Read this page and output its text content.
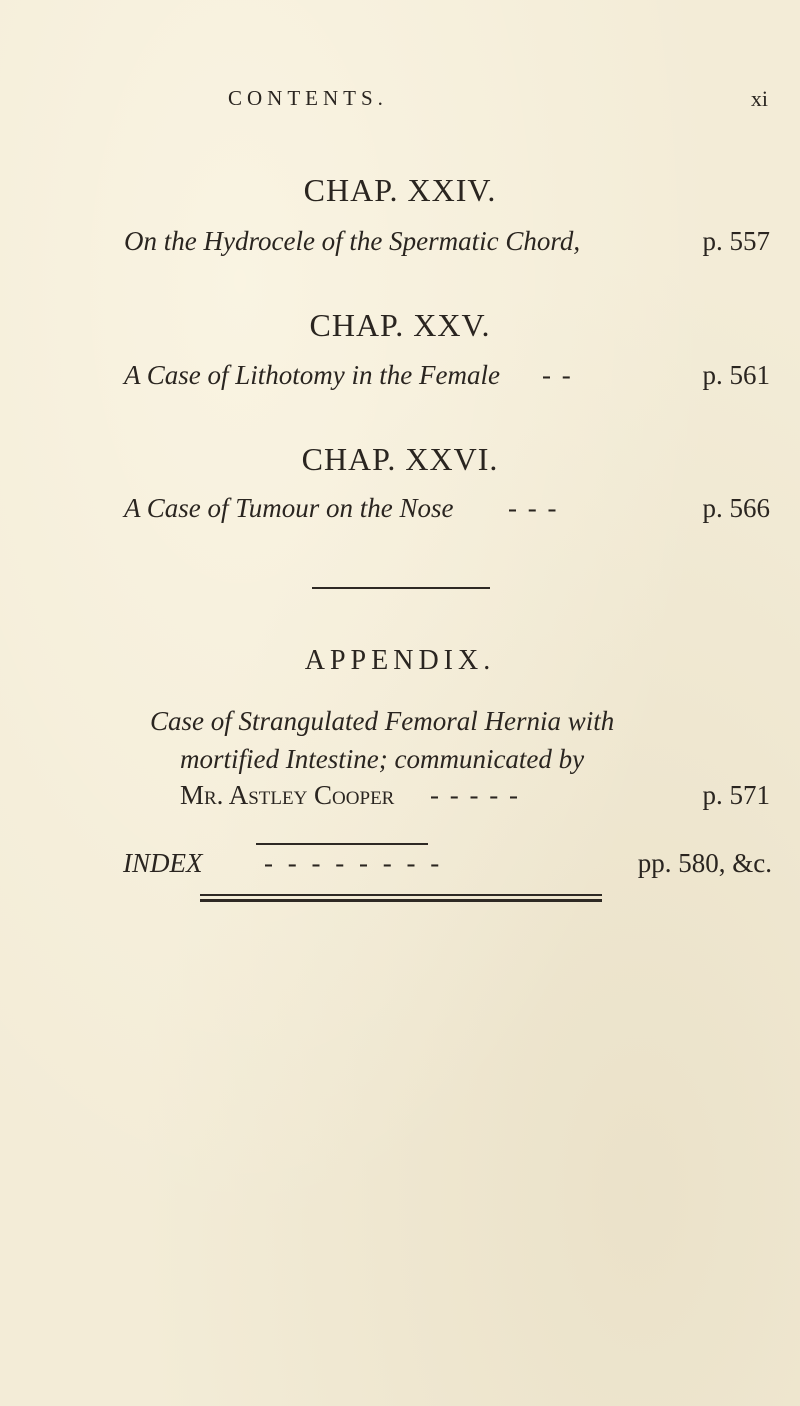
CONTENTS.	xi
CHAP. XXIV.
On the Hydrocele of the Spermatic Chord,	p. 557
CHAP. XXV.
A Case of Lithotomy in the Female - -	p. 561
CHAP. XXVI.
A Case of Tumour on the Nose - - -	p. 566
APPENDIX.
Case of Strangulated Femoral Hernia with
mortified Intestine; communicated by
Mr. Astley Cooper - - - - -	p. 571
INDEX - - - - - - - -	pp. 580, &c.
